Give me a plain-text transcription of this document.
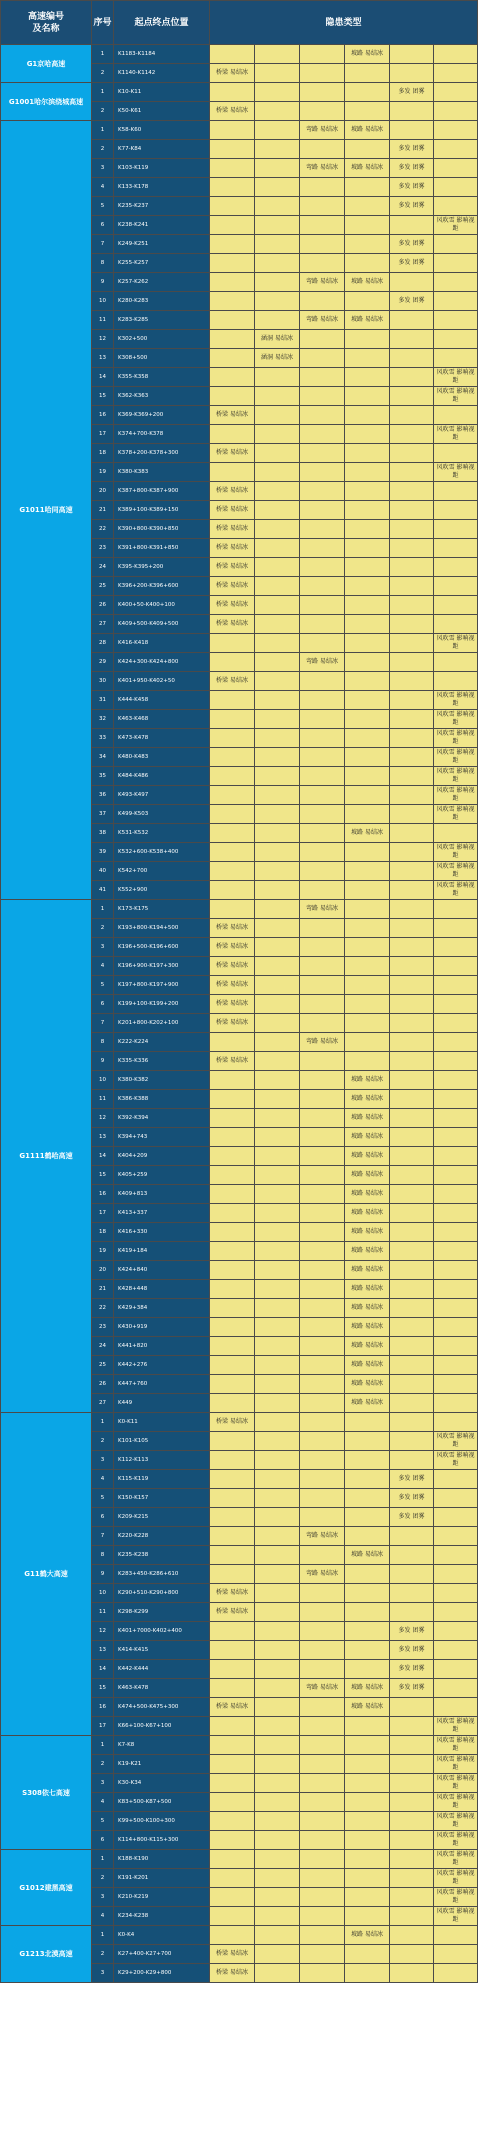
高速编号
及名称	序号	起点终点位置	隐患类型					
G1京哈高速	1	K1183-K1184				坡路 易结冰		
	2	K1140-K1142	桥梁 易结冰					
G1001哈尔滨绕城高速	1	K10-K11					多发 团雾	
	2	K50-K61	桥梁 易结冰					
G1011哈同高速	1	K58-K60			弯路 易结冰	坡路 易结冰		
	2	K77-K84					多发 团雾	
	3	K103-K119			弯路 易结冰	坡路 易结冰	多发 团雾	
	4	K133-K178					多发 团雾	
	5	K235-K237					多发 团雾	
	6	K238-K241						风吹雪 影响视距
	7	K249-K251					多发 团雾	
	8	K255-K257					多发 团雾	
	9	K257-K262			弯路 易结冰	坡路 易结冰		
	10	K280-K283					多发 团雾	
	11	K283-K285			弯路 易结冰	坡路 易结冰		
	12	K302+500		涵洞 易结冰				
	13	K308+500		涵洞 易结冰				
	14	K355-K358						风吹雪 影响视距
	15	K362-K363						风吹雪 影响视距
	16	K369-K369+200	桥梁 易结冰					
	17	K374+700-K378						风吹雪 影响视距
	18	K378+200-K378+300	桥梁 易结冰					
	19	K380-K383						风吹雪 影响视距
	20	K387+800-K387+900	桥梁 易结冰					
	21	K389+100-K389+150	桥梁 易结冰					
	22	K390+800-K390+850	桥梁 易结冰					
	23	K391+800-K391+850	桥梁 易结冰					
	24	K395-K395+200	桥梁 易结冰					
	25	K396+200-K396+600	桥梁 易结冰					
	26	K400+50-K400+100	桥梁 易结冰					
	27	K409+500-K409+500	桥梁 易结冰					
	28	K416-K418						风吹雪 影响视距
	29	K424+300-K424+800			弯路 易结冰			
	30	K401+950-K402+50	桥梁 易结冰					
	31	K444-K458						风吹雪 影响视距
	32	K463-K468						风吹雪 影响视距
	33	K473-K478						风吹雪 影响视距
	34	K480-K483						风吹雪 影响视距
	35	K484-K486						风吹雪 影响视距
	36	K493-K497						风吹雪 影响视距
	37	K499-K503						风吹雪 影响视距
	38	K531-K532				坡路 易结冰		
	39	K532+600-K538+400						风吹雪 影响视距
	40	K542+700						风吹雪 影响视距
	41	K552+900						风吹雪 影响视距
G1111鹤哈高速	1	K173-K175			弯路 易结冰			
	2	K193+800-K194+500	桥梁 易结冰					
	3	K196+500-K196+600	桥梁 易结冰					
	4	K196+900-K197+300	桥梁 易结冰					
	5	K197+800-K197+900	桥梁 易结冰					
	6	K199+100-K199+200	桥梁 易结冰					
	7	K201+800-K202+100	桥梁 易结冰					
	8	K222-K224			弯路 易结冰			
	9	K335-K336	桥梁 易结冰					
	10	K380-K382				坡路 易结冰		
	11	K386-K388				坡路 易结冰		
	12	K392-K394				坡路 易结冰		
	13	K394+743				坡路 易结冰		
	14	K404+209				坡路 易结冰		
	15	K405+259				坡路 易结冰		
	16	K409+813				坡路 易结冰		
	17	K413+337				坡路 易结冰		
	18	K416+330				坡路 易结冰		
	19	K419+184				坡路 易结冰		
	20	K424+840				坡路 易结冰		
	21	K428+448				坡路 易结冰		
	22	K429+384				坡路 易结冰		
	23	K430+919				坡路 易结冰		
	24	K441+820				坡路 易结冰		
	25	K442+276				坡路 易结冰		
	26	K447+760				坡路 易结冰		
	27	K449				坡路 易结冰		
G11鹤大高速	1	K0-K11	桥梁 易结冰					
	2	K101-K105						风吹雪 影响视距
	3	K112-K113						风吹雪 影响视距
	4	K115-K119					多发 团雾	
	5	K150-K157					多发 团雾	
	6	K209-K215					多发 团雾	
	7	K220-K228			弯路 易结冰			
	8	K235-K238				坡路 易结冰		
	9	K283+450-K286+610			弯路 易结冰			
	10	K290+510-K290+800	桥梁 易结冰					
	11	K298-K299	桥梁 易结冰					
	12	K401+7000-K402+400					多发 团雾	
	13	K414-K415					多发 团雾	
	14	K442-K444					多发 团雾	
	15	K463-K478			弯路 易结冰	坡路 易结冰	多发 团雾	
	16	K474+500-K475+300	桥梁 易结冰			坡路 易结冰		
	17	K66+100-K67+100						风吹雪 影响视距
S308依七高速	1	K7-K8						风吹雪 影响视距
	2	K19-K21						风吹雪 影响视距
	3	K30-K34						风吹雪 影响视距
	4	K83+500-K87+500						风吹雪 影响视距
	5	K99+500-K100+300						风吹雪 影响视距
	6	K114+800-K115+300						风吹雪 影响视距
G1012建黑高速	1	K188-K190						风吹雪 影响视距
	2	K191-K201						风吹雪 影响视距
	3	K210-K219						风吹雪 影响视距
	4	K234-K238						风吹雪 影响视距
G1213北漠高速	1	K0-K4				坡路 易结冰		
	2	K27+400-K27+700	桥梁 易结冰					
	3	K29+200-K29+800	桥梁 易结冰					
